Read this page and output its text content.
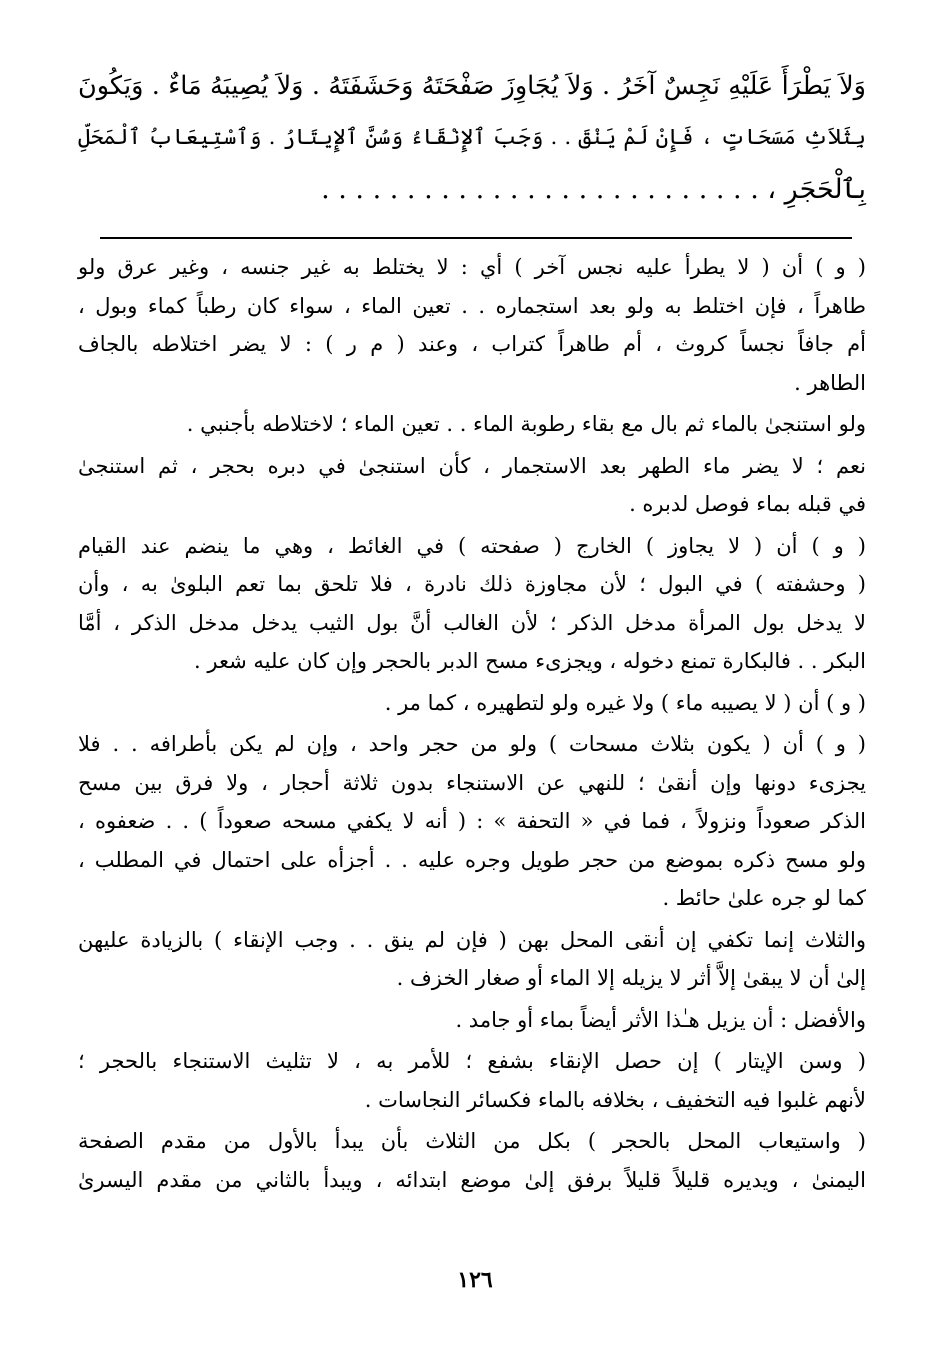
وَلاَ يَطْرَأَ عَلَيْهِ نَجِسٌ آخَرُ . وَلاَ يُجَاوِزَ صَفْحَتَهُ وَحَشَفَتَهُ . وَلاَ يُصِيبَهُ مَاءٌ . وَيَكُونَ
بِثَلاَثِ مَسَحَاتٍ ، فَإِنْ لَمْ يَنْقَ . . وَجَبَ ٱلإِنْقَاءُ وَسُنَّ ٱلإِيتَارُ . وَٱسْتِيعَابُ ٱلْمَحَلِّ
بِٱلْحَجَرِ ، . . . . . . . . . . . . . . . . . . . . . . . . . .
( و ) أن ( لا يطرأ عليه نجس آخر ) أي : لا يختلط به غير جنسه ، وغير عرق ولو
طاهراً ، فإن اختلط به ولو بعد استجماره . . تعين الماء ، سواء كان رطباً كماء وبول ،
أم جافاً نجساً كروث ، أم طاهراً كتراب ، وعند ( م ر ) : لا يضر اختلاطه بالجاف
الطاهر .
ولو استنجىٰ بالماء ثم بال مع بقاء رطوبة الماء . . تعين الماء ؛ لاختلاطه بأجنبي .
نعم ؛ لا يضر ماء الطهر بعد الاستجمار ، كأن استنجىٰ في دبره بحجر ، ثم استنجىٰ
في قبله بماء فوصل لدبره .
( و ) أن ( لا يجاوز ) الخارج ( صفحته ) في الغائط ، وهي ما ينضم عند القيام
( وحشفته ) في البول ؛ لأن مجاوزة ذلك نادرة ، فلا تلحق بما تعم البلوىٰ به ، وأن
لا يدخل بول المرأة مدخل الذكر ؛ لأن الغالب أنَّ بول الثيب يدخل مدخل الذكر ، أمَّا
البكر . . فالبكارة تمنع دخوله ، ويجزىء مسح الدبر بالحجر وإن كان عليه شعر .
( و ) أن ( لا يصيبه ماء ) ولا غيره ولو لتطهيره ، كما مر .
( و ) أن ( يكون بثلاث مسحات ) ولو من حجر واحد ، وإن لم يكن بأطرافه . . فلا
يجزىء دونها وإن أنقىٰ ؛ للنهي عن الاستنجاء بدون ثلاثة أحجار ، ولا فرق بين مسح
الذكر صعوداً ونزولاً ، فما في « التحفة » : ( أنه لا يكفي مسحه صعوداً ) . . ضعفوه ،
ولو مسح ذكره بموضع من حجر طويل وجره عليه . . أجزأه على احتمال في المطلب ،
كما لو جره علىٰ حائط .
والثلاث إنما تكفي إن أنقى المحل بهن ( فإن لم ينق . . وجب الإنقاء ) بالزيادة عليهن
إلىٰ أن لا يبقىٰ إلاَّ أثر لا يزيله إلا الماء أو صغار الخزف .
والأفضل : أن يزيل هـٰذا الأثر أيضاً بماء أو جامد .
( وسن الإيتار ) إن حصل الإنقاء بشفع ؛ للأمر به ، لا تثليث الاستنجاء بالحجر ؛
لأنهم غلبوا فيه التخفيف ، بخلافه بالماء فكسائر النجاسات .
( واستيعاب المحل بالحجر ) بكل من الثلاث بأن يبدأ بالأول من مقدم الصفحة
اليمنىٰ ، ويديره قليلاً قليلاً برفق إلىٰ موضع ابتدائه ، ويبدأ بالثاني من مقدم اليسرىٰ
١٢٦
